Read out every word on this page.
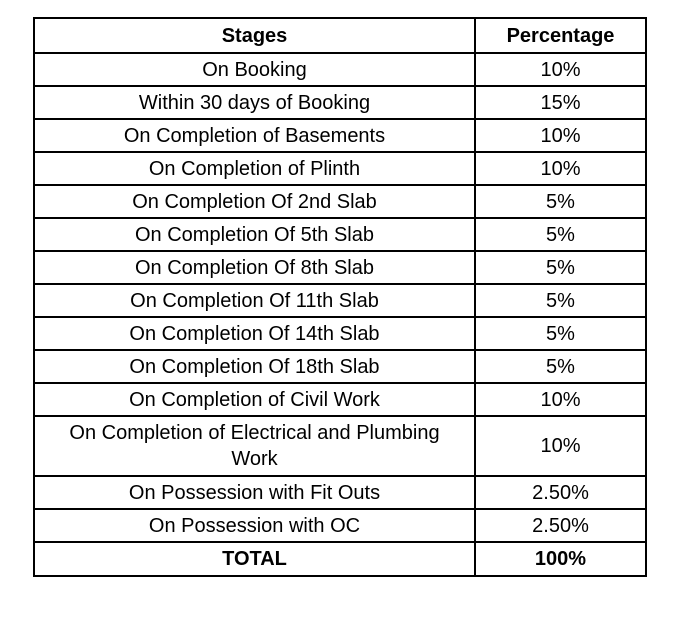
Stages	Percentage
On Booking	10%
Within 30 days of Booking	15%
On Completion of Basements	10%
On Completion of Plinth	10%
On Completion Of 2nd Slab	5%
On Completion Of 5th Slab	5%
On Completion Of 8th Slab	5%
On Completion Of 11th Slab	5%
On Completion Of 14th Slab	5%
On Completion Of 18th Slab	5%
On Completion of Civil Work	10%
On Completion of Electrical and Plumbing Work	10%
On Possession with Fit Outs	2.50%
On Possession with OC	2.50%
TOTAL	100%
